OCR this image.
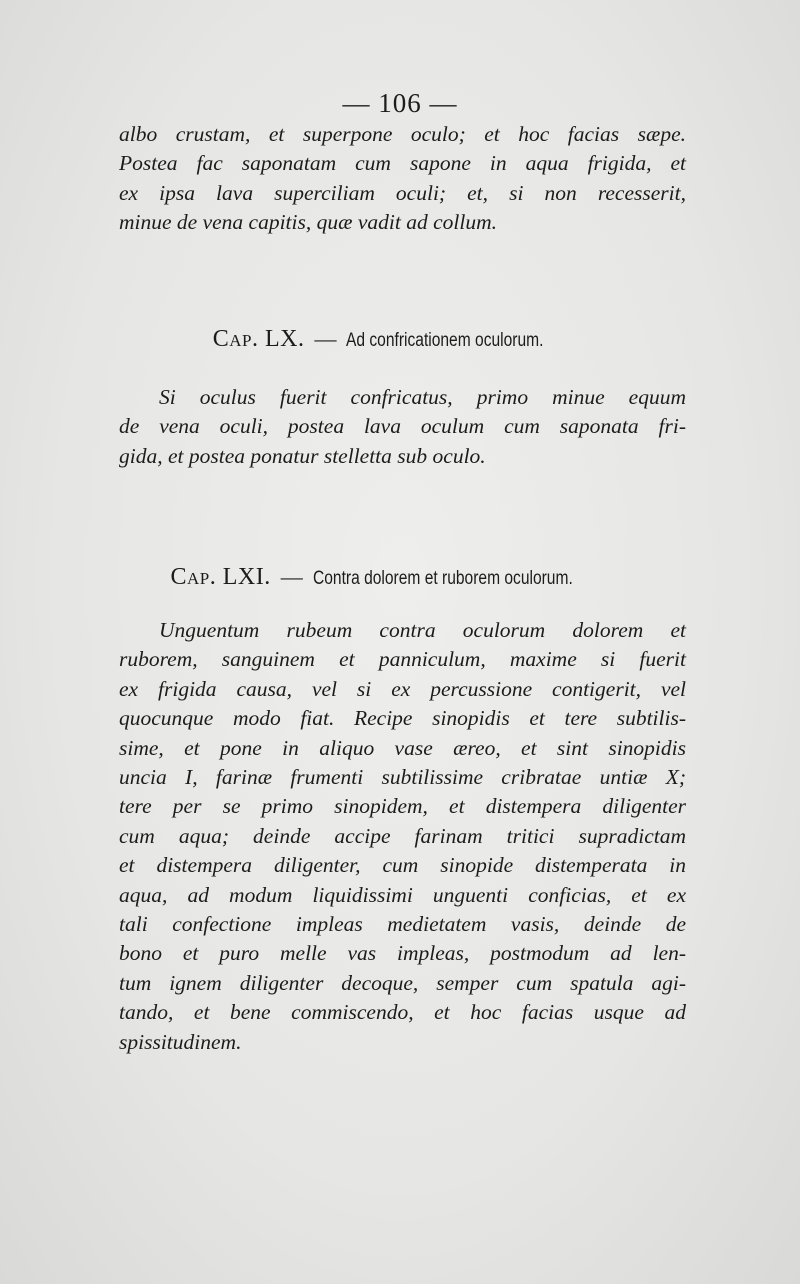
— 106 —
albo crustam, et superpone oculo; et hoc facias sæpe.
Postea fac saponatam cum sapone in aqua frigida, et
ex ipsa lava superciliam oculi; et, si non recesserit,
minue de vena capitis, quæ vadit ad collum.
Cap. LX. — Ad confricationem oculorum.
Si oculus fuerit confricatus, primo minue equum
de vena oculi, postea lava oculum cum saponata fri-
gida, et postea ponatur stelletta sub oculo.
Cap. LXI. — Contra dolorem et ruborem oculorum.
Unguentum rubeum contra oculorum dolorem et
ruborem, sanguinem et panniculum, maxime si fuerit
ex frigida causa, vel si ex percussione contigerit, vel
quocunque modo fiat. Recipe sinopidis et tere subtilis-
sime, et pone in aliquo vase æreo, et sint sinopidis
uncia I, farinæ frumenti subtilissime cribratae untiæ X;
tere per se primo sinopidem, et distempera diligenter
cum aqua; deinde accipe farinam tritici supradictam
et distempera diligenter, cum sinopide distemperata in
aqua, ad modum liquidissimi unguenti conficias, et ex
tali confectione impleas medietatem vasis, deinde de
bono et puro melle vas impleas, postmodum ad len-
tum ignem diligenter decoque, semper cum spatula agi-
tando, et bene commiscendo, et hoc facias usque ad
spissitudinem.
